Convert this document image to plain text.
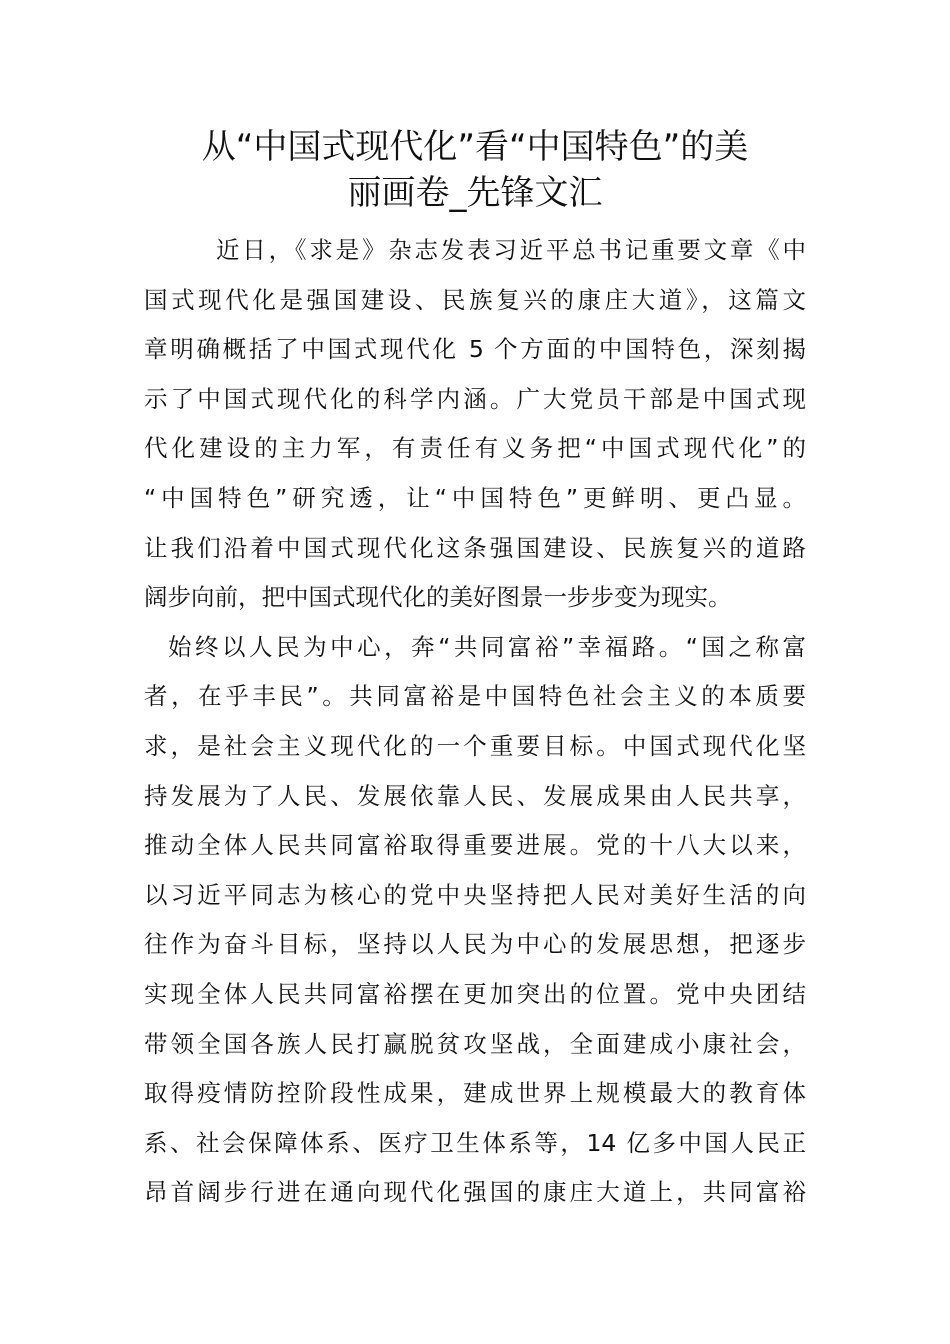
从“中国式现代化”看“中国特色”的美
丽画卷_先锋文汇
近日，《求是》杂志发表习近平总书记重要文章《中
国式现代化是强国建设、民族复兴的康庄大道》，这篇文
章明确概括了中国式现代化 5 个方面的中国特色，深刻揭
示了中国式现代化的科学内涵。广大党员干部是中国式现
代化建设的主力军，有责任有义务把“中国式现代化”的
“中国特色”研究透，让“中国特色”更鲜明、更凸显。
让我们沿着中国式现代化这条强国建设、民族复兴的道路
阔步向前，把中国式现代化的美好图景一步步变为现实。
始终以人民为中心，奔“共同富裕”幸福路。“国之称富
者，在乎丰民”。共同富裕是中国特色社会主义的本质要
求，是社会主义现代化的一个重要目标。中国式现代化坚
持发展为了人民、发展依靠人民、发展成果由人民共享，
推动全体人民共同富裕取得重要进展。党的十八大以来，
以习近平同志为核心的党中央坚持把人民对美好生活的向
往作为奋斗目标，坚持以人民为中心的发展思想，把逐步
实现全体人民共同富裕摆在更加突出的位置。党中央团结
带领全国各族人民打赢脱贫攻坚战，全面建成小康社会，
取得疫情防控阶段性成果，建成世界上规模最大的教育体
系、社会保障体系、医疗卫生体系等，14 亿多中国人民正
昂首阔步行进在通向现代化强国的康庄大道上，共同富裕
